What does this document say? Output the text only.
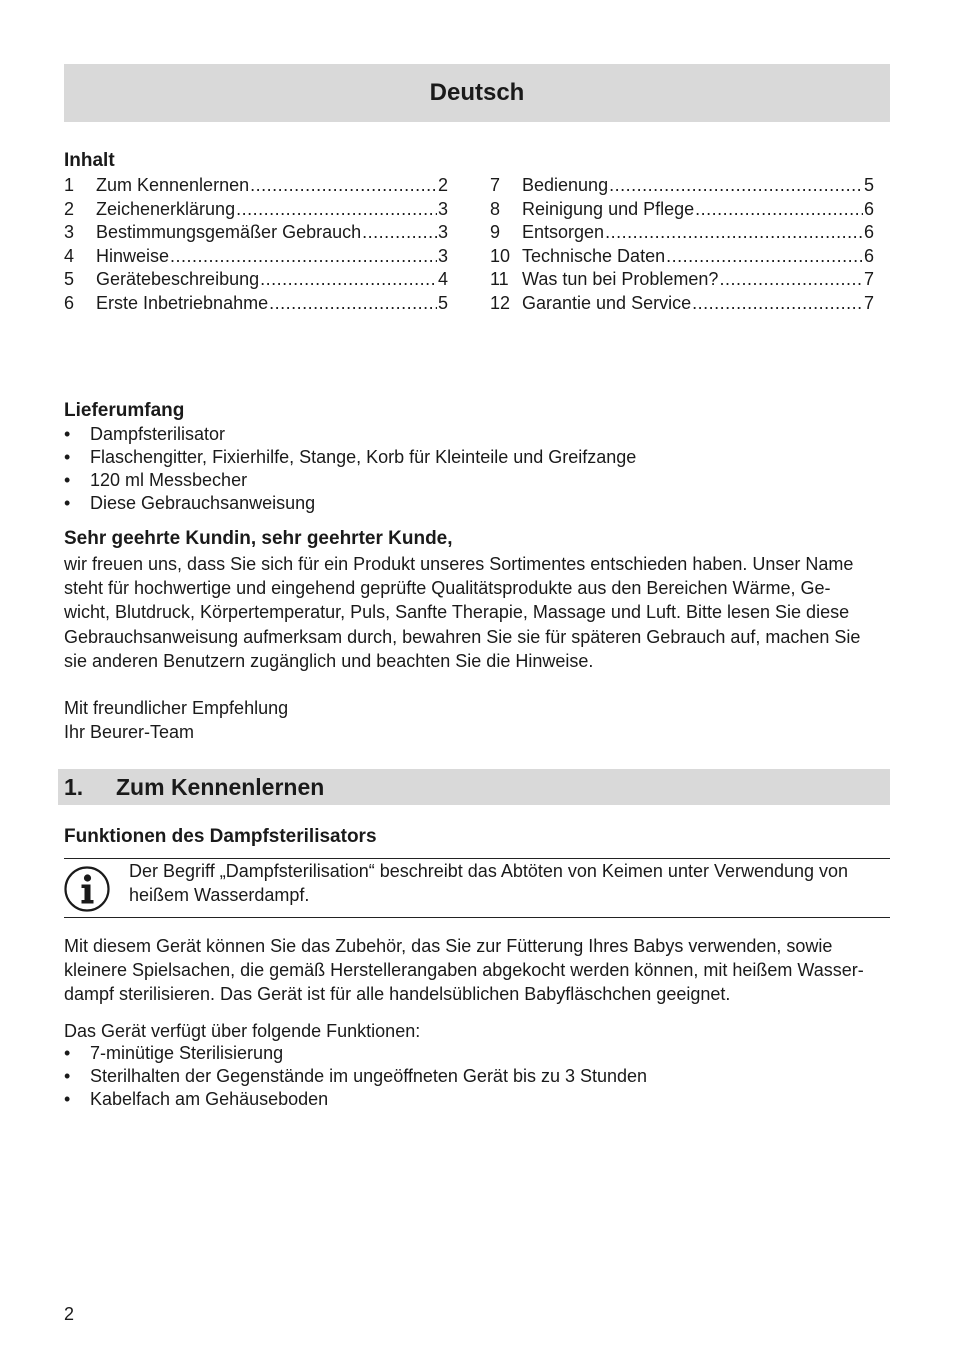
Deutsch
Inhalt
1	Zum Kennenlernen .....	2
2	Zeichenerklärung .....	3
3	Bestimmungsgemäßer Gebrauch .....	3
4	Hinweise .....	3
5	Gerätebeschreibung .....	4
6	Erste Inbetriebnahme .....	5
7	Bedienung .....	5
8	Reinigung und Pflege .....	6
9	Entsorgen .....	6
10 Technische Daten .....	6
11 Was tun bei Problemen? .....	7
12 Garantie und Service .....	7
Lieferumfang
•	Dampfsterilisator
•	Flaschengitter, Fixierhilfe, Stange, Korb für Kleinteile und Greifzange
•	120 ml Messbecher
•	Diese Gebrauchsanweisung
Sehr geehrte Kundin, sehr geehrter Kunde,
wir freuen uns, dass Sie sich für ein Produkt unseres Sortimentes entschieden haben. Unser Name
steht für hochwertige und eingehend geprüfte Qualitätsprodukte aus den Bereichen Wärme, Ge-
wicht, Blutdruck, Körpertemperatur, Puls, Sanfte Therapie, Massage und Luft. Bitte lesen Sie diese
Gebrauchsanweisung aufmerksam durch, bewahren Sie sie für späteren Gebrauch auf, machen Sie
sie anderen Benutzern zugänglich und beachten Sie die Hinweise.
Mit freundlicher Empfehlung
Ihr Beurer-Team
1. Zum Kennenlernen
Funktionen des Dampfsterilisators
Der Begriff „Dampfsterilisation“ beschreibt das Abtöten von Keimen unter Verwendung von
heißem Wasserdampf.
Mit diesem Gerät können Sie das Zubehör, das Sie zur Fütterung Ihres Babys verwenden, sowie
kleinere Spielsachen, die gemäß Herstellerangaben abgekocht werden können, mit heißem Wasser-
dampf sterilisieren. Das Gerät ist für alle handelsüblichen Babyfläschchen geeignet.
Das Gerät verfügt über folgende Funktionen:
•	7-minütige Sterilisierung
•	Sterilhalten der Gegenstände im ungeöffneten Gerät bis zu 3 Stunden
•	Kabelfach am Gehäuseboden
2
